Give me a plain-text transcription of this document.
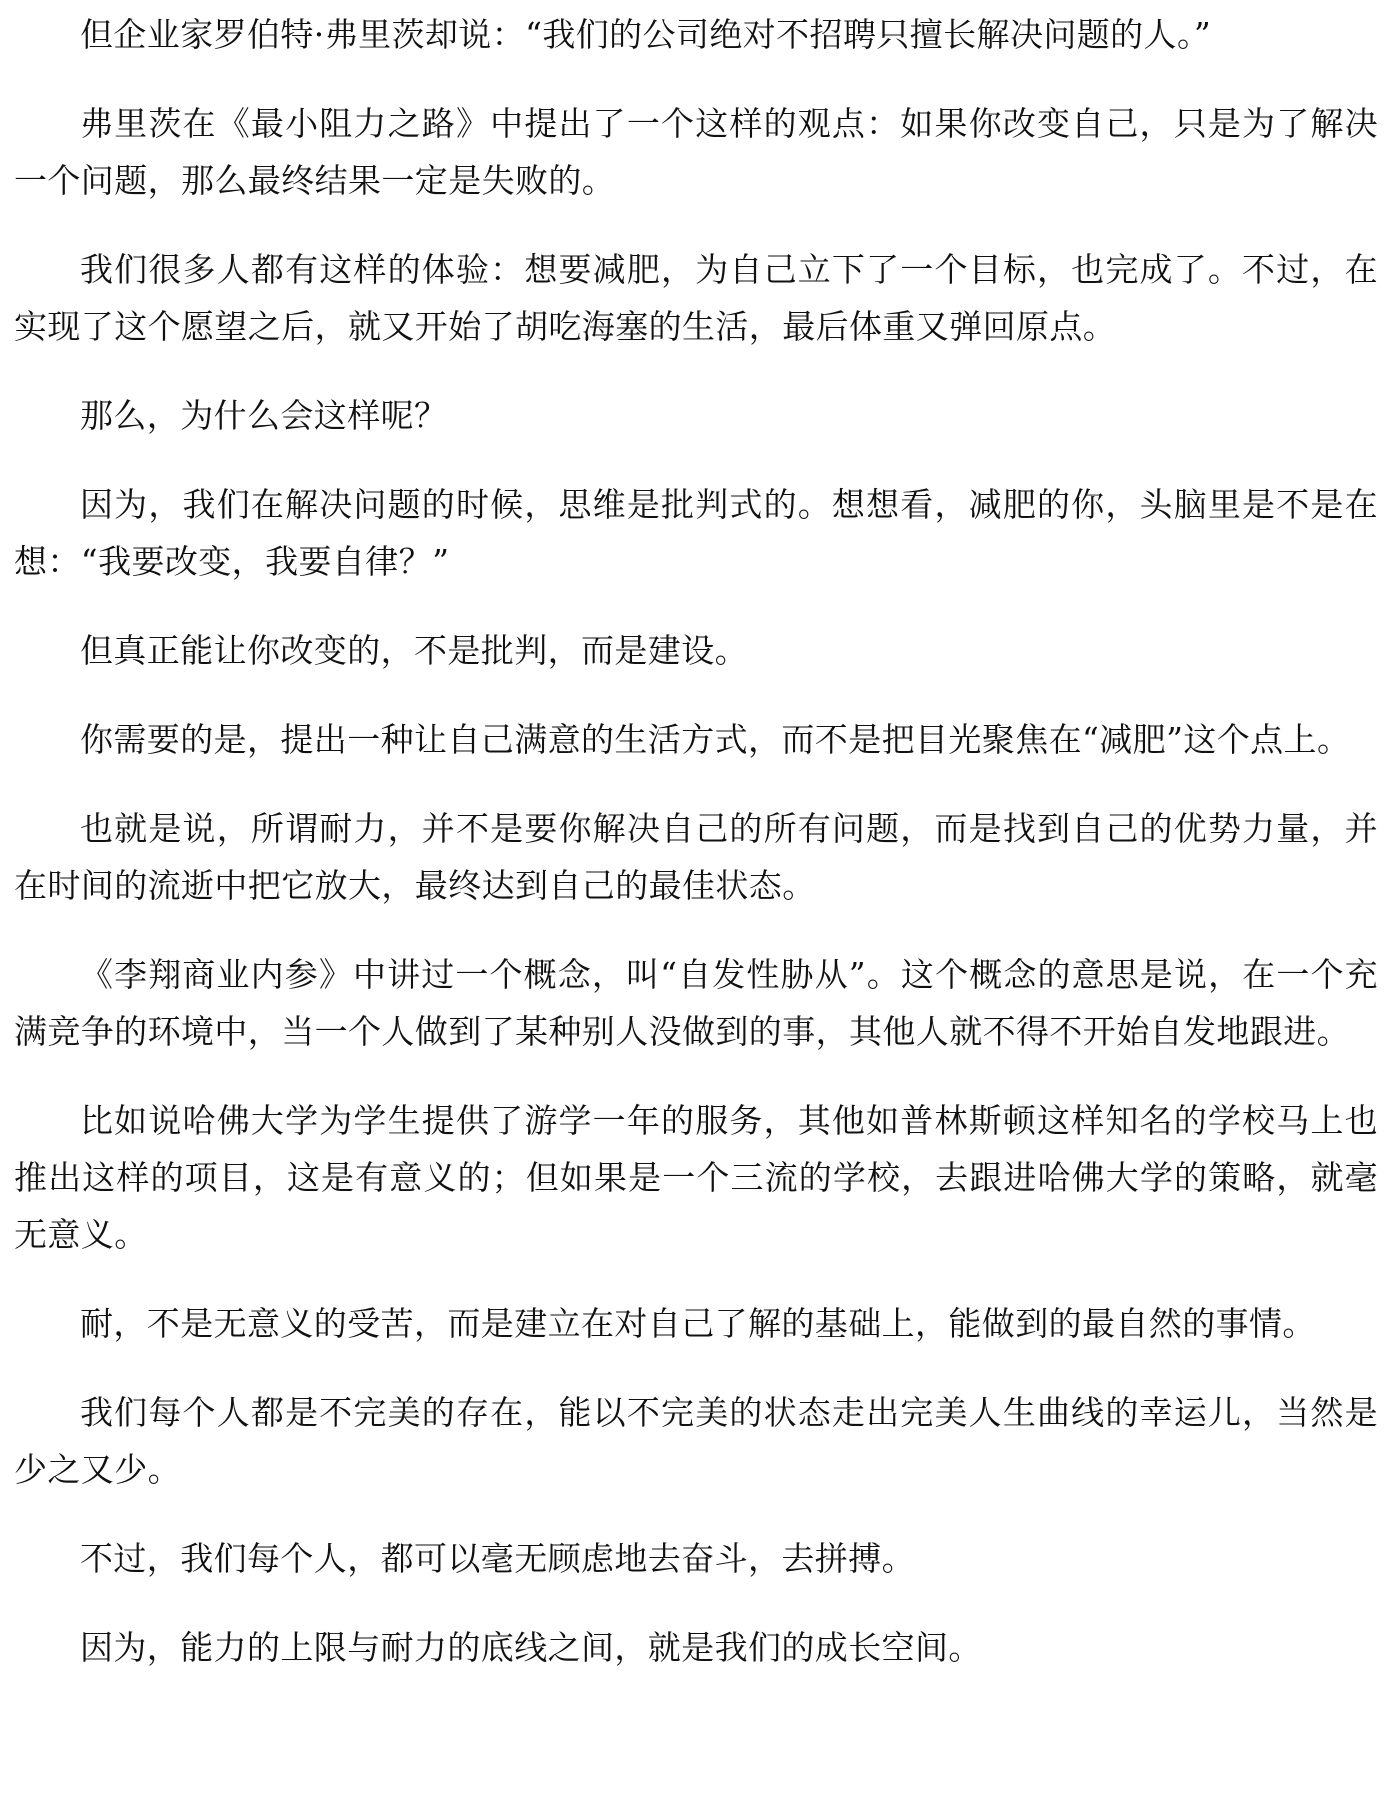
但企业家罗伯特·弗里茨却说：“我们的公司绝对不招聘只擅长解决问题的人。”

弗里茨在《最小阻力之路》中提出了一个这样的观点：如果你改变自己，只是为了解决一个问题，那么最终结果一定是失败的。

我们很多人都有这样的体验：想要减肥，为自己立下了一个目标，也完成了。不过，在实现了这个愿望之后，就又开始了胡吃海塞的生活，最后体重又弹回原点。

那么，为什么会这样呢？

因为，我们在解决问题的时候，思维是批判式的。想想看，减肥的你，头脑里是不是在想：“我要改变，我要自律？”

但真正能让你改变的，不是批判，而是建设。

你需要的是，提出一种让自己满意的生活方式，而不是把目光聚焦在“减肥”这个点上。

也就是说，所谓耐力，并不是要你解决自己的所有问题，而是找到自己的优势力量，并在时间的流逝中把它放大，最终达到自己的最佳状态。

《李翔商业内参》中讲过一个概念，叫“自发性胁从”。这个概念的意思是说，在一个充满竞争的环境中，当一个人做到了某种别人没做到的事，其他人就不得不开始自发地跟进。

比如说哈佛大学为学生提供了游学一年的服务，其他如普林斯顿这样知名的学校马上也推出这样的项目，这是有意义的；但如果是一个三流的学校，去跟进哈佛大学的策略，就毫无意义。

耐，不是无意义的受苦，而是建立在对自己了解的基础上，能做到的最自然的事情。

我们每个人都是不完美的存在，能以不完美的状态走出完美人生曲线的幸运儿，当然是少之又少。

不过，我们每个人，都可以毫无顾虑地去奋斗，去拼搏。

因为，能力的上限与耐力的底线之间，就是我们的成长空间。
